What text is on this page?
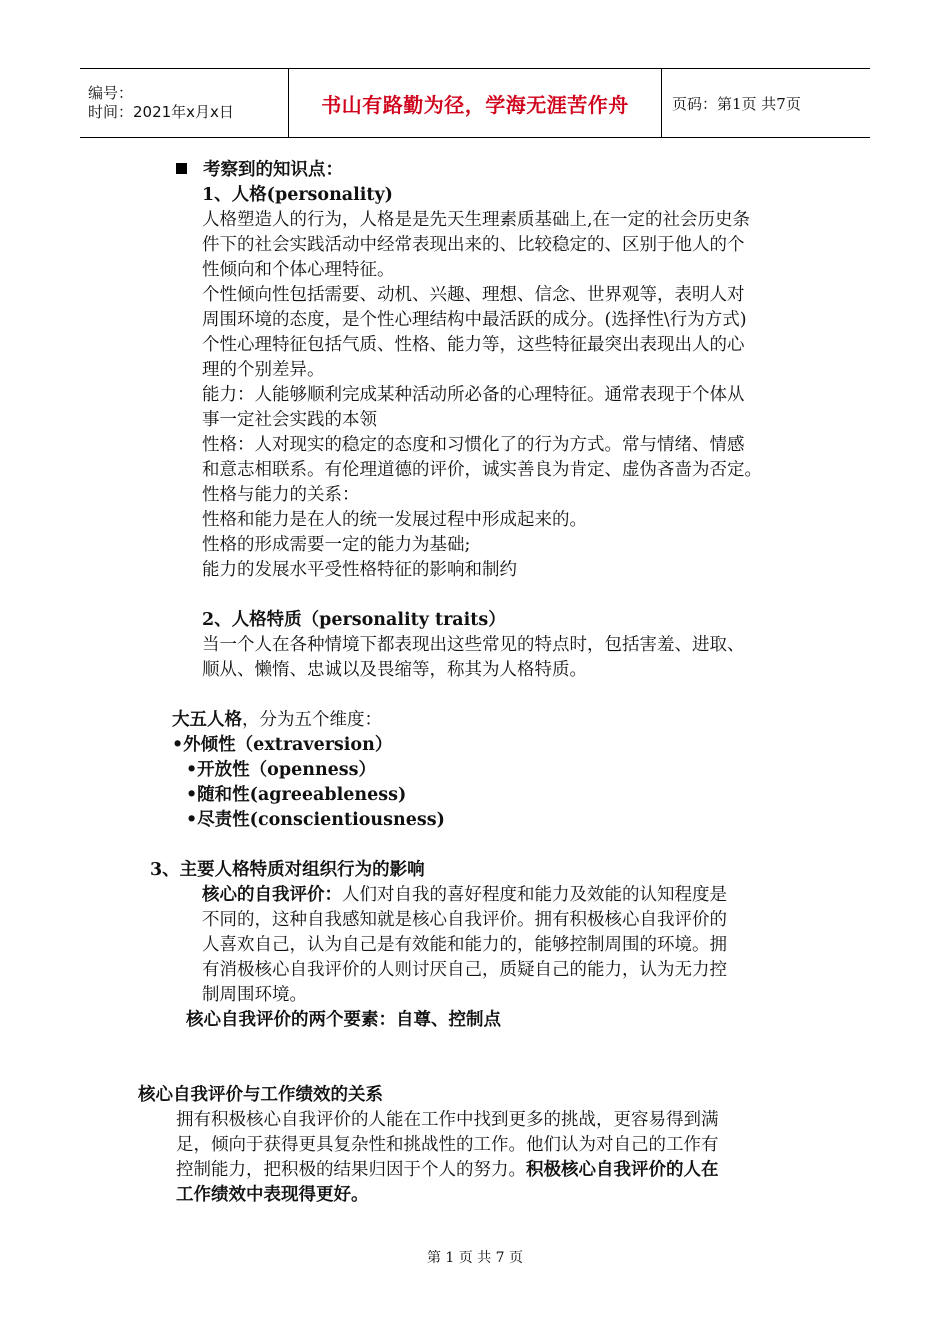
编号：
时间：2021年x月x日	书山有路勤为径，学海无涯苦作舟	页码：第1页 共7页
考察到的知识点：
1、人格(personality)
人格塑造人的行为，人格是是先天生理素质基础上,在一定的社会历史条
件下的社会实践活动中经常表现出来的、比较稳定的、区别于他人的个
性倾向和个体心理特征。
个性倾向性包括需要、动机、兴趣、理想、信念、世界观等，表明人对
周围环境的态度，是个性心理结构中最活跃的成分。(选择性\行为方式)
个性心理特征包括气质、性格、能力等，这些特征最突出表现出人的心
理的个别差异。
能力：人能够顺利完成某种活动所必备的心理特征。通常表现于个体从
事一定社会实践的本领
性格：人对现实的稳定的态度和习惯化了的行为方式。常与情绪、情感
和意志相联系。有伦理道德的评价，诚实善良为肯定、虚伪吝啬为否定。
性格与能力的关系：
性格和能力是在人的统一发展过程中形成起来的。
性格的形成需要一定的能力为基础;
能力的发展水平受性格特征的影响和制约
2、人格特质（personality traits）
当一个人在各种情境下都表现出这些常见的特点时，包括害羞、进取、
顺从、懒惰、忠诚以及畏缩等，称其为人格特质。
大五人格，分为五个维度：
•外倾性（extraversion）
•开放性（openness）
•随和性(agreeableness)
•尽责性(conscientiousness)
3、主要人格特质对组织行为的影响
核心的自我评价：人们对自我的喜好程度和能力及效能的认知程度是
不同的，这种自我感知就是核心自我评价。拥有积极核心自我评价的
人喜欢自己，认为自己是有效能和能力的，能够控制周围的环境。拥
有消极核心自我评价的人则讨厌自己，质疑自己的能力，认为无力控
制周围环境。
核心自我评价的两个要素：自尊、控制点
核心自我评价与工作绩效的关系
拥有积极核心自我评价的人能在工作中找到更多的挑战，更容易得到满
足，倾向于获得更具复杂性和挑战性的工作。他们认为对自己的工作有
控制能力，把积极的结果归因于个人的努力。积极核心自我评价的人在
工作绩效中表现得更好。
第 1 页 共 7 页
